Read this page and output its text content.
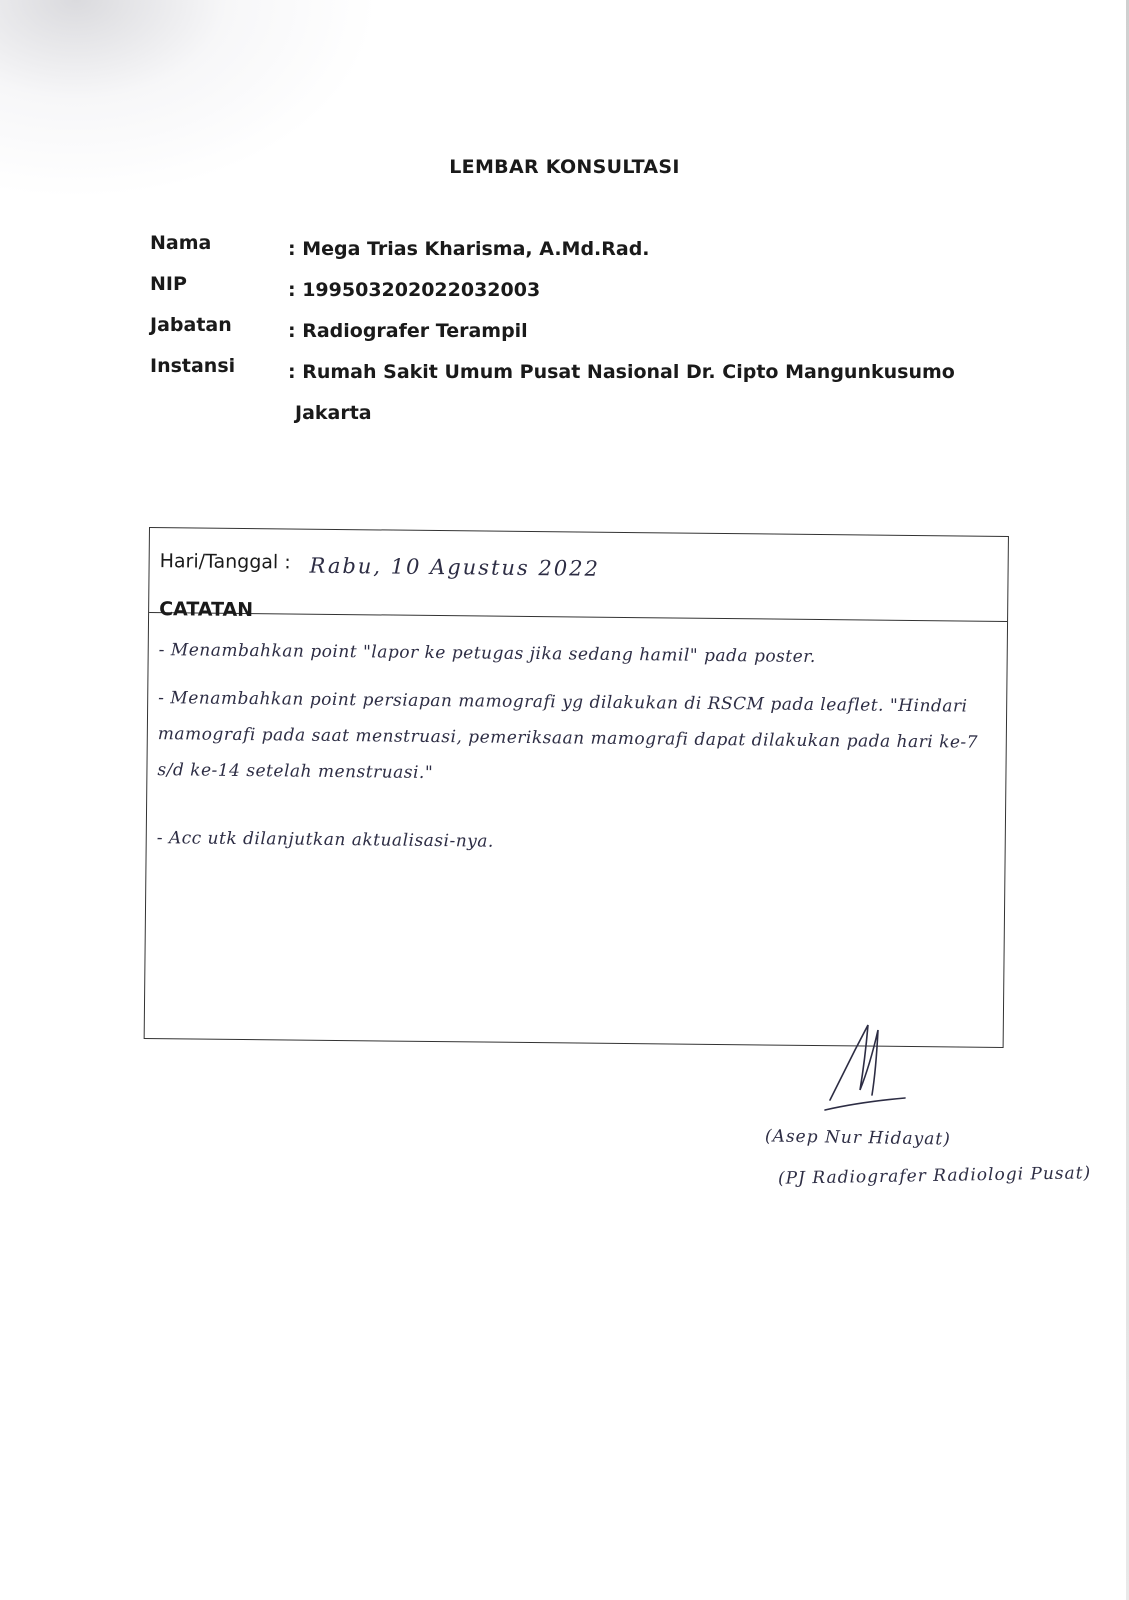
LEMBAR KONSULTASI
Nama	: Mega Trias Kharisma, A.Md.Rad.
NIP	: 199503202022032003
Jabatan	: Radiografer Terampil
Instansi	: Rumah Sakit Umum Pusat Nasional Dr. Cipto Mangunkusumo
Jakarta
Hari/Tanggal : Rabu, 10 Agustus 2022
CATATAN
- Menambahkan point "lapor ke petugas jika sedang hamil" pada poster.
- Menambahkan point persiapan mamografi yg dilakukan di RSCM pada leaflet. "Hindari mamografi pada saat menstruasi, pemeriksaan mamografi dapat dilakukan pada hari ke-7 s/d ke-14 setelah menstruasi."
- Acc utk dilanjutkan aktualisasi-nya.
(Asep Nur Hidayat)
(PJ Radiografer Radiologi Pusat)
